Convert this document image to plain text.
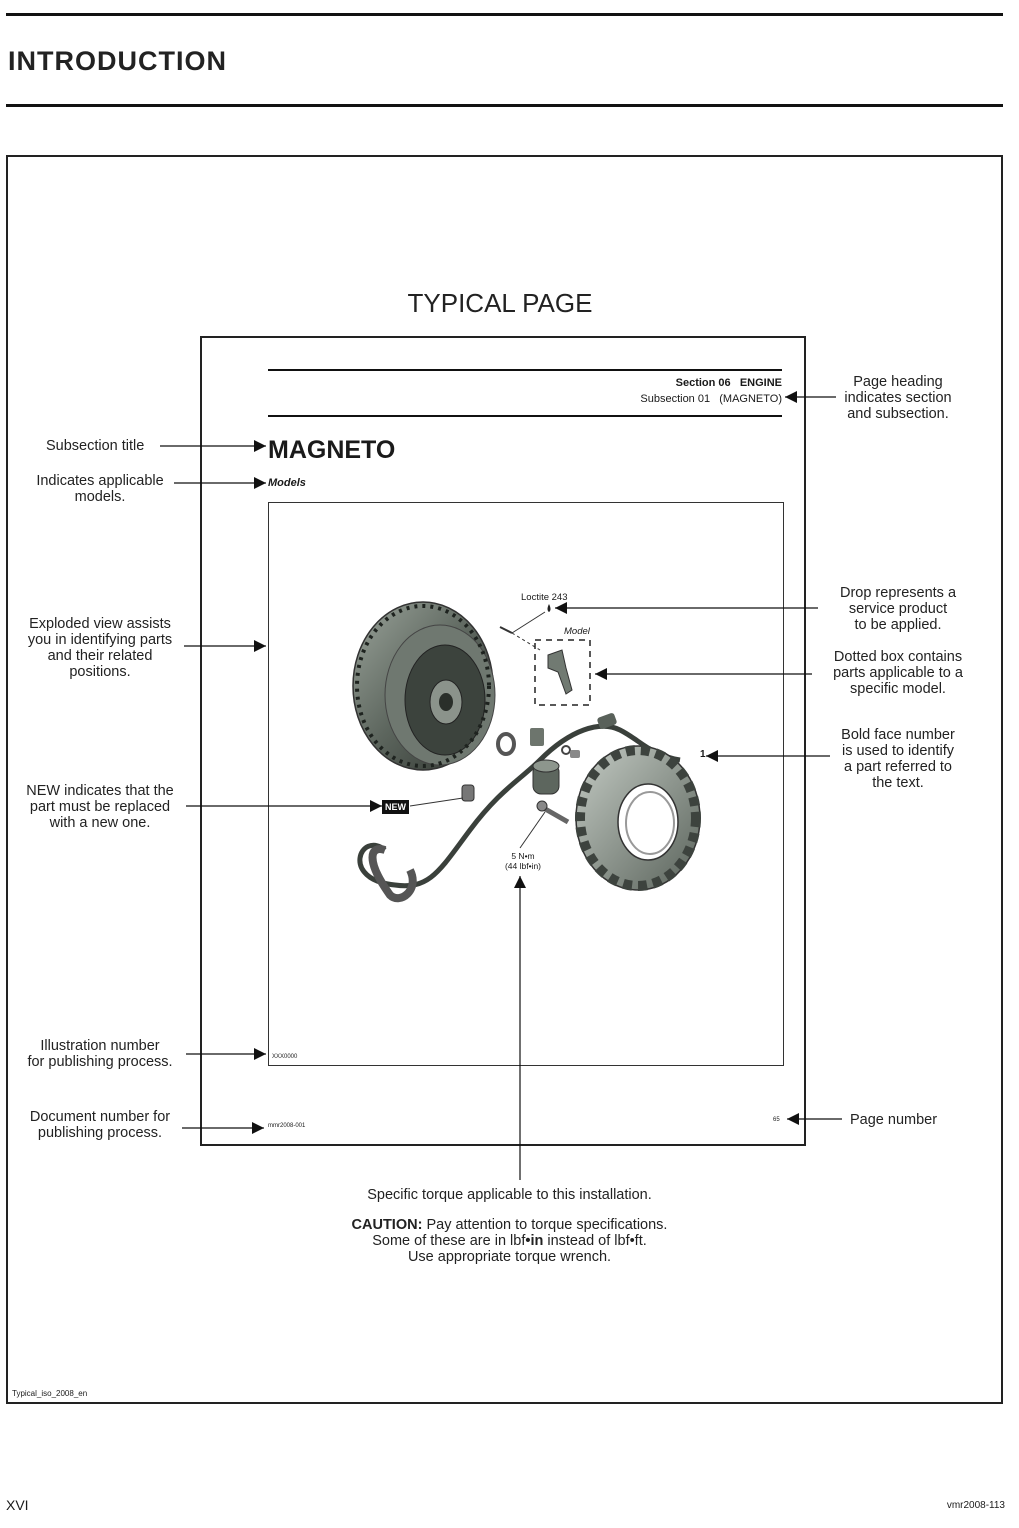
INTRODUCTION
TYPICAL PAGE
Section 06   ENGINE
Subsection 01   (MAGNETO)
MAGNETO
Models
XXX0000
mmr2008-001
65
Loctite 243
Model
1
NEW
5 N•m
(44 lbf•in)
Subsection title
Indicates applicable
models.
Exploded view assists
you in identifying parts
and their related
positions.
NEW indicates that the
part must be replaced
with a new one.
Illustration number
for publishing process.
Document number for
publishing process.
Page heading
indicates section
and subsection.
Drop represents a
service product
to be applied.
Dotted box contains
parts applicable to a
specific model.
Bold face number
is used to identify
a part referred to
the text.
Page number
Specific torque applicable to this installation.
CAUTION: Pay attention to torque specifications.
Some of these are in lbf•in instead of lbf•ft.
Use appropriate torque wrench.
Typical_iso_2008_en
XVI	vmr2008-113
